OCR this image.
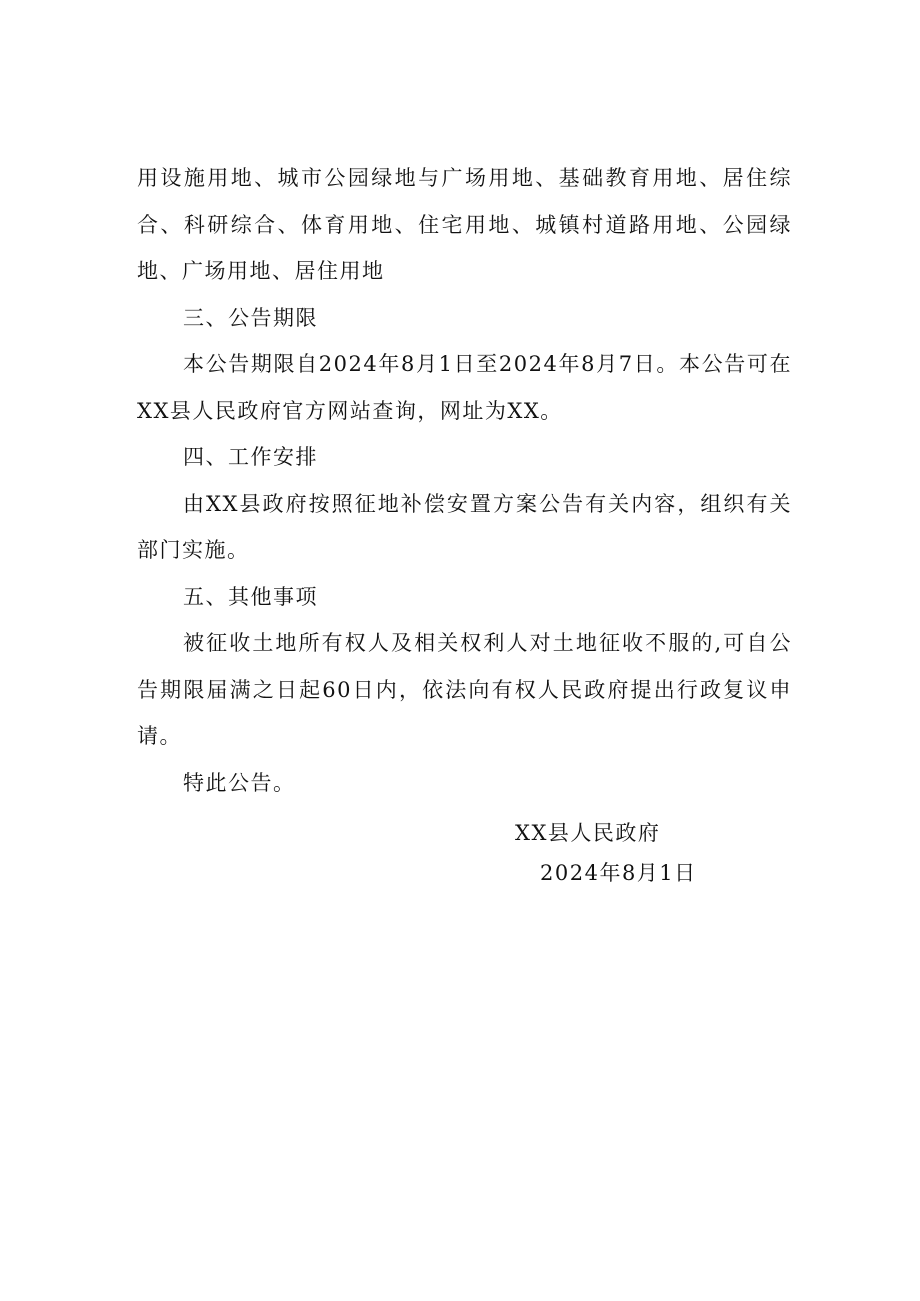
用设施用地、城市公园绿地与广场用地、基础教育用地、居住综合、科研综合、体育用地、住宅用地、城镇村道路用地、公园绿地、广场用地、居住用地

三、公告期限

本公告期限自2024年8月1日至2024年8月7日。本公告可在XX县人民政府官方网站查询，网址为XX。

四、工作安排

由XX县政府按照征地补偿安置方案公告有关内容，组织有关部门实施。

五、其他事项

被征收土地所有权人及相关权利人对土地征收不服的,可自公告期限届满之日起60日内，依法向有权人民政府提出行政复议申请。

特此公告。

XX县人民政府
2024年8月1日
